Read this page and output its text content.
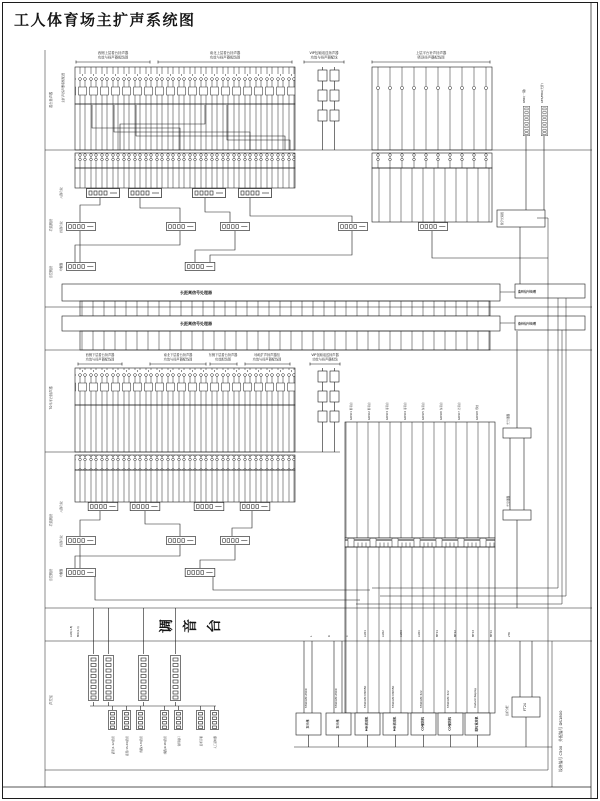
工人体育场主扩声系统图
西侧上层看台扬声器
功放与扬声器配线图
南北上层看台扬声器
功放与扬声器配线图
VIP包厢返送扬声器
功放与扬声器配线
上层平台补声扬声器
吸顶扬声器配线图
看台扬声器	主扩声扬声器系统配置
功放机房
音控机房
八路功放
四路功放
均衡器
RMC(一期)	AES/EBU(光纤)
数字光端机
长距离信号处理器	监听信号处理
长距离信号处理器	备份信号处理
西侧下层看台扬声器
功放与扬声器配线图
南北下层看台扬声器
功放与扬声器配线图
东侧下层看台扬声器
功放配线图
场地扩声扬声器组
功放与扬声器配线图
VIP包厢返送扬声器
功放与扬声器配线
70米平台扬声器
功放机房
音控机房
GD301 西看台	GD302 西看台	GD303 南看台	GD304 南看台	GD305 东看台	GD306 东看台	GD307 北看台	GD308 场地
八路功放
四路功放
均衡器
光分路器
光合路器
调 音 台
AUX(1-8)	MIX(1-4)	L	R	C	AUX1	AUX2	AUX3	AUX4	MTX1	MTX2	MTX3	MTX4	2TR
声控室
话筒(1-12)插座	话筒(13-24)插座	线路(1-8)插座	线路(9-16)插座	备用接口	监听音箱	人工混响器
TASCAM A500	TASCAM A500	TASCAM MD350	TASCAM MD350	TASCAM 322	TASCAM 322	Instant Replay
双卡座	双卡座	MD录放机	MD录放机	CD播放机	CD播放机	即时重放机
FT24
监听分配	设备编号 C500　外配编号 DS1800
